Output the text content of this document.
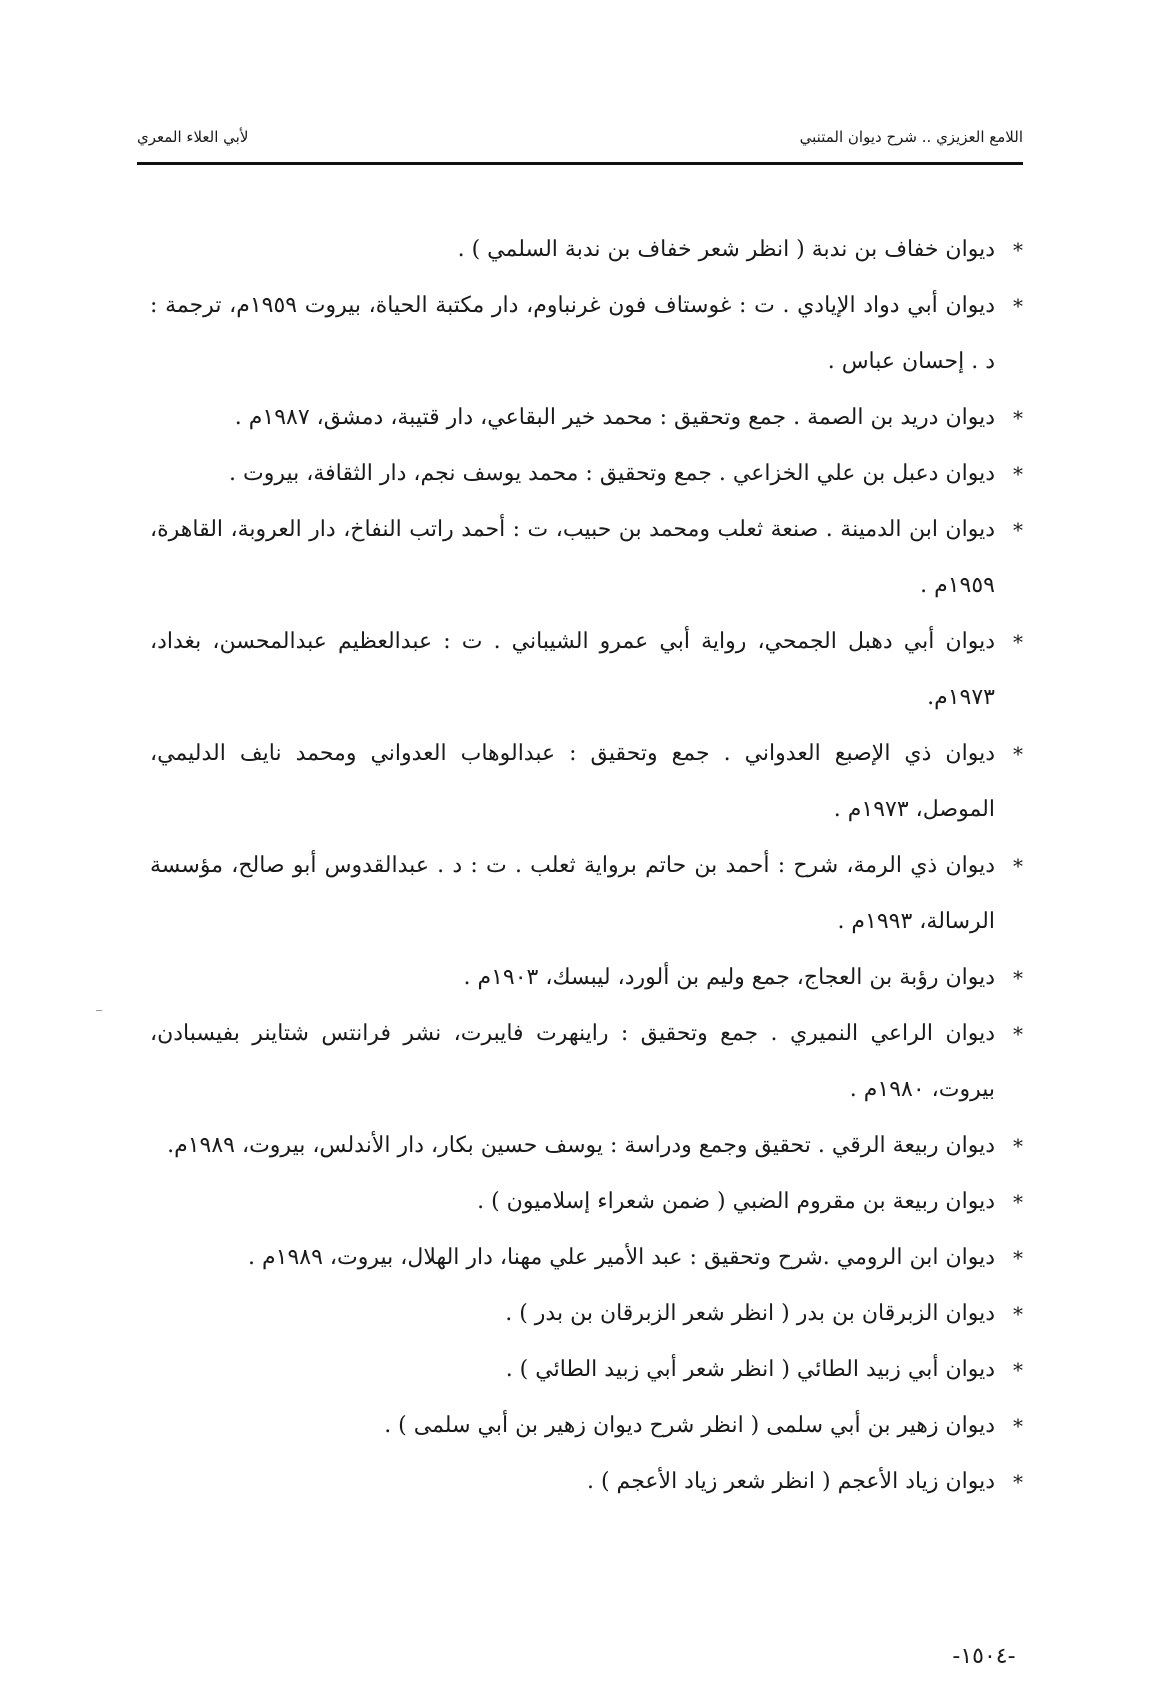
اللامع العزيزي .. شرح ديوان المتنبي
لأبي العلاء المعري
*
ديوان خفاف بن ندبة ( انظر شعر خفاف بن ندبة السلمي ) .
*
ديوان أبي دواد الإيادي . ت : غوستاف فون غرنباوم، دار مكتبة الحياة، بيروت ١٩٥٩م، ترجمة : د . إحسان عباس .
*
ديوان دريد بن الصمة . جمع وتحقيق : محمد خير البقاعي، دار قتيبة، دمشق، ١٩٨٧م .
*
ديوان دعبل بن علي الخزاعي . جمع وتحقيق : محمد يوسف نجم، دار الثقافة، بيروت .
*
ديوان ابن الدمينة . صنعة ثعلب ومحمد بن حبيب، ت : أحمد راتب النفاخ، دار العروبة، القاهرة، ١٩٥٩م .
*
ديوان أبي دهبل الجمحي، رواية أبي عمرو الشيباني . ت : عبدالعظيم عبدالمحسن، بغداد، ١٩٧٣م.
*
ديوان ذي الإصبع العدواني . جمع وتحقيق : عبدالوهاب العدواني ومحمد نايف الدليمي، الموصل، ١٩٧٣م .
*
ديوان ذي الرمة، شرح : أحمد بن حاتم برواية ثعلب . ت : د . عبدالقدوس أبو صالح، مؤسسة الرسالة، ١٩٩٣م .
*
ديوان رؤبة بن العجاج، جمع وليم بن ألورد، ليبسك، ١٩٠٣م .
*
ديوان الراعي النميري . جمع وتحقيق : راينهرت فايبرت، نشر فرانتس شتاينر بفيسبادن، بيروت، ١٩٨٠م .
*
ديوان ربيعة الرقي . تحقيق وجمع ودراسة : يوسف حسين بكار، دار الأندلس، بيروت، ١٩٨٩م.
*
ديوان ربيعة بن مقروم الضبي ( ضمن شعراء إسلاميون ) .
*
ديوان ابن الرومي .شرح وتحقيق : عبد الأمير علي مهنا، دار الهلال، بيروت، ١٩٨٩م .
*
ديوان الزبرقان بن بدر ( انظر شعر الزبرقان بن بدر ) .
*
ديوان أبي زبيد الطائي ( انظر شعر أبي زبيد الطائي ) .
*
ديوان زهير بن أبي سلمى ( انظر شرح ديوان زهير بن أبي سلمى ) .
*
ديوان زياد الأعجم ( انظر شعر زياد الأعجم ) .
-١٥٠٤-
